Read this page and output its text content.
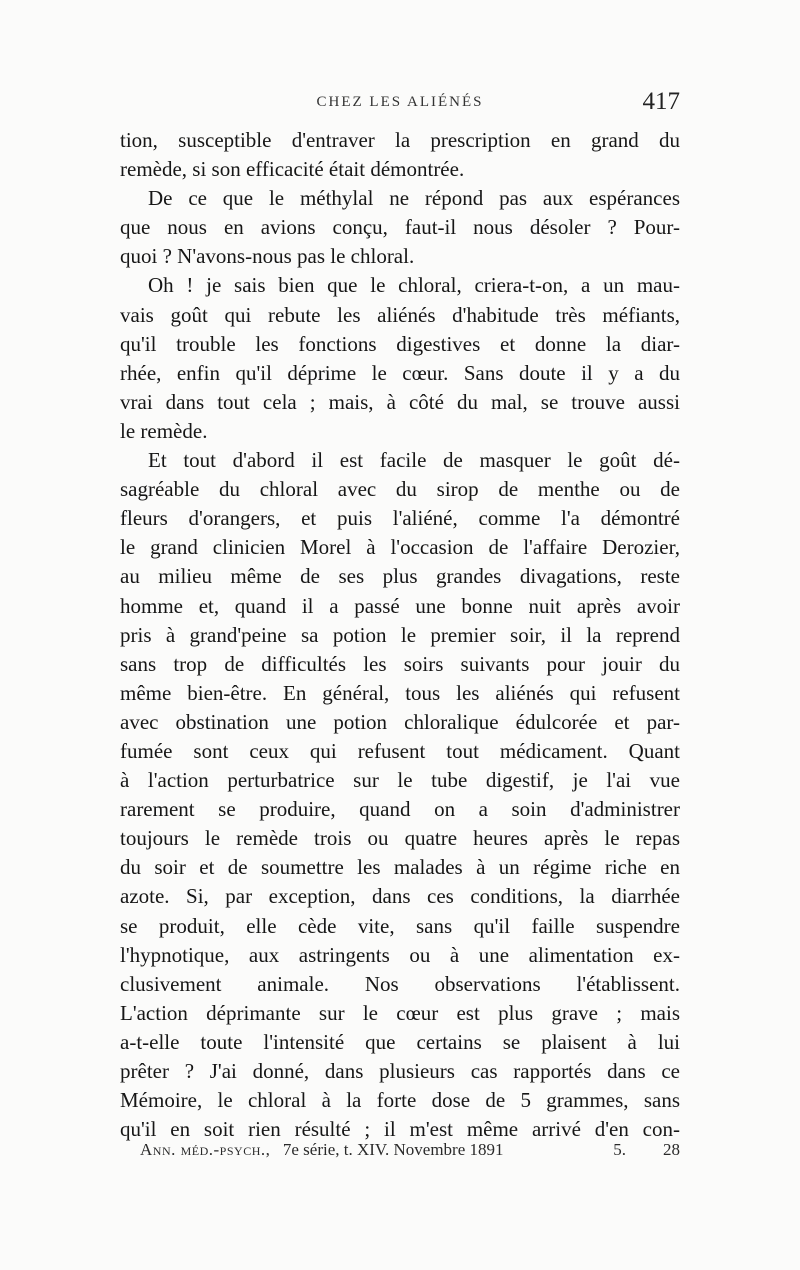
CHEZ LES ALIÉNÉS	417
tion, susceptible d'entraver la prescription en grand du
remède, si son efficacité était démontrée.
De ce que le méthylal ne répond pas aux espérances
que nous en avions conçu, faut-il nous désoler ? Pour-
quoi ? N'avons-nous pas le chloral.
Oh ! je sais bien que le chloral, criera-t-on, a un mau-
vais goût qui rebute les aliénés d'habitude très méfiants,
qu'il trouble les fonctions digestives et donne la diar-
rhée, enfin qu'il déprime le cœur. Sans doute il y a du
vrai dans tout cela ; mais, à côté du mal, se trouve aussi
le remède.
Et tout d'abord il est facile de masquer le goût dé-
sagréable du chloral avec du sirop de menthe ou de
fleurs d'orangers, et puis l'aliéné, comme l'a démontré
le grand clinicien Morel à l'occasion de l'affaire Derozier,
au milieu même de ses plus grandes divagations, reste
homme et, quand il a passé une bonne nuit après avoir
pris à grand'peine sa potion le premier soir, il la reprend
sans trop de difficultés les soirs suivants pour jouir du
même bien-être. En général, tous les aliénés qui refusent
avec obstination une potion chloralique édulcorée et par-
fumée sont ceux qui refusent tout médicament. Quant
à l'action perturbatrice sur le tube digestif, je l'ai vue
rarement se produire, quand on a soin d'administrer
toujours le remède trois ou quatre heures après le repas
du soir et de soumettre les malades à un régime riche en
azote. Si, par exception, dans ces conditions, la diarrhée
se produit, elle cède vite, sans qu'il faille suspendre
l'hypnotique, aux astringents ou à une alimentation ex-
clusivement animale. Nos observations l'établissent.
L'action déprimante sur le cœur est plus grave ; mais
a-t-elle toute l'intensité que certains se plaisent à lui
prêter ? J'ai donné, dans plusieurs cas rapportés dans ce
Mémoire, le chloral à la forte dose de 5 grammes, sans
qu'il en soit rien résulté ; il m'est même arrivé d'en con-
Ann. méd.-psych., 7e série, t. XIV. Novembre 1891	5. 28
